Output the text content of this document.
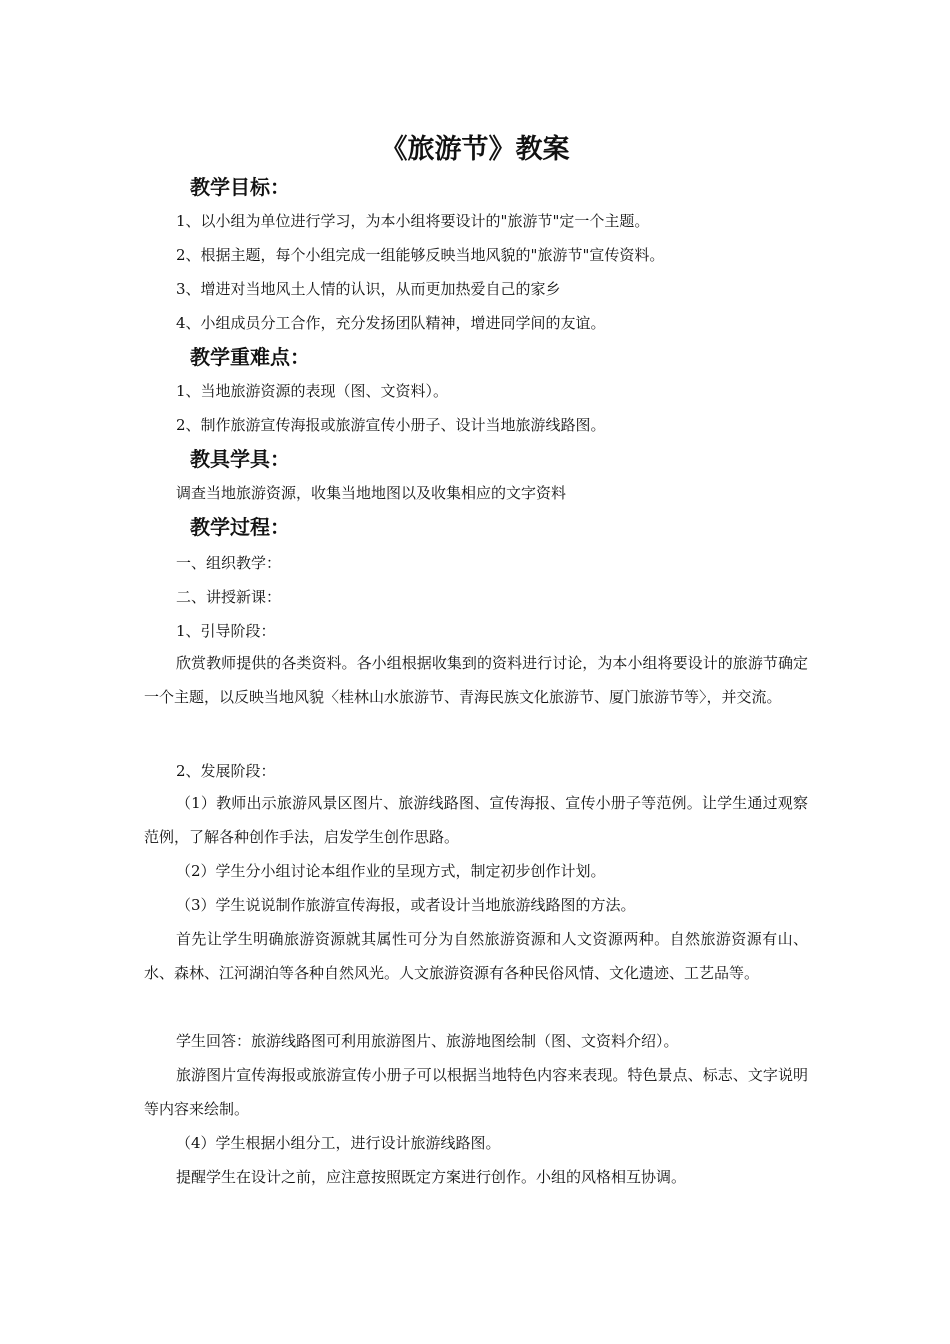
《旅游节》教案
教学目标：
1、以小组为单位进行学习，为本小组将要设计的"旅游节"定一个主题。
2、根据主题，每个小组完成一组能够反映当地风貌的"旅游节"宣传资料。
3、增进对当地风土人情的认识，从而更加热爱自己的家乡
4、小组成员分工合作，充分发扬团队精神，增进同学间的友谊。
教学重难点：
1、当地旅游资源的表现（图、文资料）。
2、制作旅游宣传海报或旅游宣传小册子、设计当地旅游线路图。
教具学具：
调查当地旅游资源，收集当地地图以及收集相应的文字资料
教学过程：
一、组织教学：
二、讲授新课：
1、引导阶段：
欣赏教师提供的各类资料。各小组根据收集到的资料进行讨论，为本小组将要设计的旅游节确定一个主题，以反映当地风貌〈桂林山水旅游节、青海民族文化旅游节、厦门旅游节等〉，并交流。
2、发展阶段：
（1）教师出示旅游风景区图片、旅游线路图、宣传海报、宣传小册子等范例。让学生通过观察范例，了解各种创作手法，启发学生创作思路。
（2）学生分小组讨论本组作业的呈现方式，制定初步创作计划。
（3）学生说说制作旅游宣传海报，或者设计当地旅游线路图的方法。
首先让学生明确旅游资源就其属性可分为自然旅游资源和人文资源两种。自然旅游资源有山、水、森林、江河湖泊等各种自然风光。人文旅游资源有各种民俗风情、文化遗迹、工艺品等。
学生回答：旅游线路图可利用旅游图片、旅游地图绘制（图、文资料介绍）。
旅游图片宣传海报或旅游宣传小册子可以根据当地特色内容来表现。特色景点、标志、文字说明等内容来绘制。
（4）学生根据小组分工，进行设计旅游线路图。
提醒学生在设计之前，应注意按照既定方案进行创作。小组的风格相互协调。
